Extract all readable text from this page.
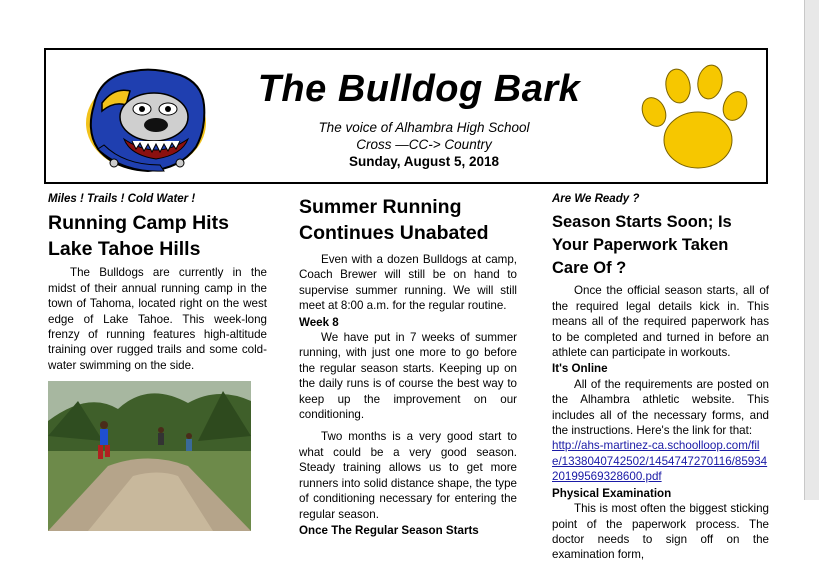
The Bulldog Bark
The voice of Alhambra High School
Cross —CC-> Country
Sunday, August 5, 2018
Miles ! Trails ! Cold Water !
Running Camp Hits Lake Tahoe Hills

The Bulldogs are currently in the midst of their annual running camp in the town of Tahoma, located right on the west edge of Lake Tahoe. This week-long frenzy of running features high-altitude training over rugged trails and some cold-water swimming on the side.

Summer Running Continues Unabated

Even with a dozen Bulldogs at camp, Coach Brewer will still be on hand to supervise summer running. We will still meet at 8:00 a.m. for the regular routine.

Week 8

We have put in 7 weeks of summer running, with just one more to go before the regular season starts. Keeping up on the daily runs is of course the best way to keep up the improvement on our conditioning.

Two months is a very good start to what could be a very good season. Steady training allows us to get more runners into solid distance shape, the type of conditioning necessary for entering the regular season.

Once The Regular Season Starts
Are We Ready ?
Season Starts Soon; Is Your Paperwork Taken Care Of ?

Once the official season starts, all of the required legal details kick in. This means all of the required paperwork has to be completed and turned in before an athlete can participate in workouts.

It's Online

All of the requirements are posted on the Alhambra athletic website. This includes all of the necessary forms, and the instructions. Here's the link for that:

http://ahs-martinez-ca.schoolloop.com/file/1338040742502/1454747270116/8593420199569328600.pdf
Physical Examination

This is most often the biggest sticking point of the paperwork process. The doctor needs to sign off on the examination form,
